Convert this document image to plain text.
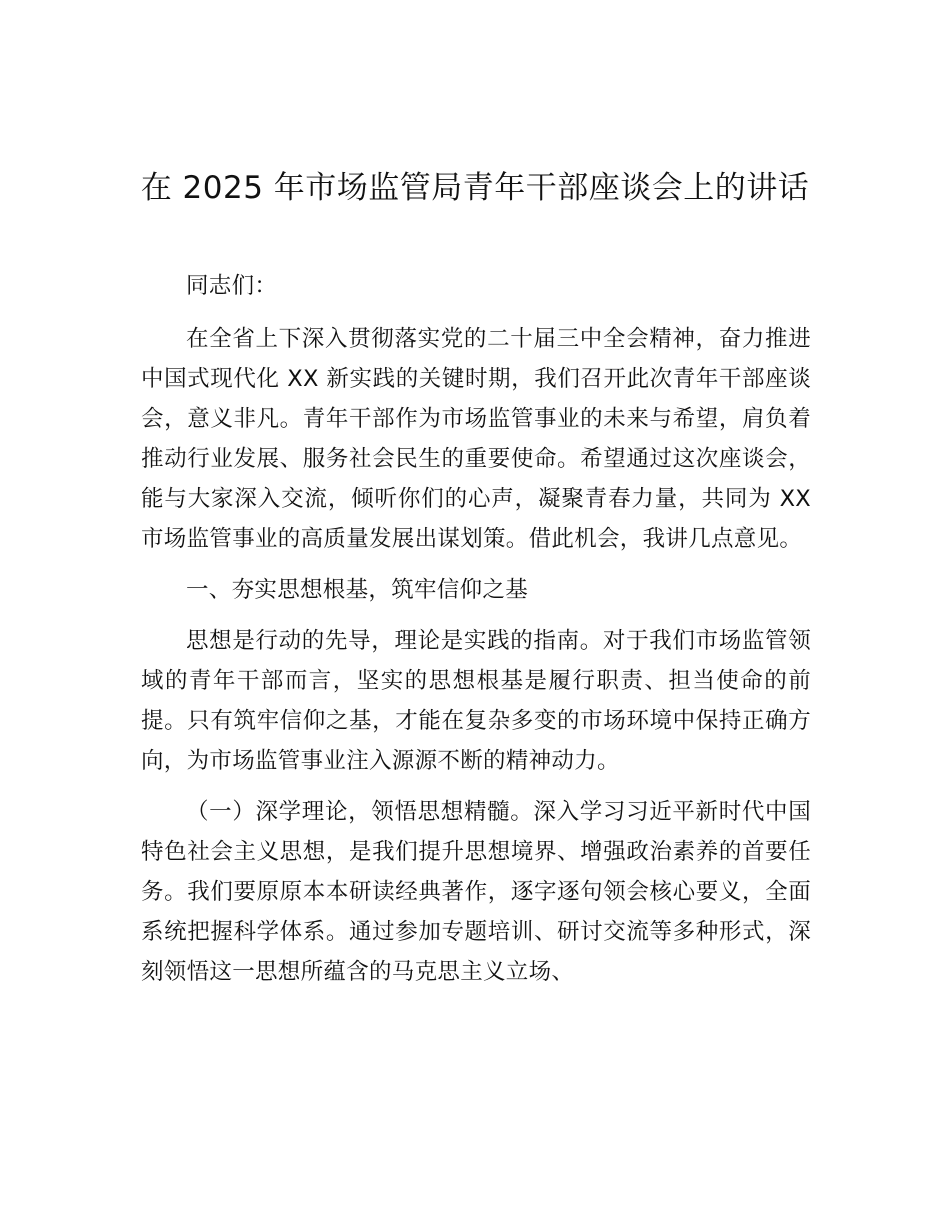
在 2025 年市场监管局青年干部座谈会上的讲话

同志们：

在全省上下深入贯彻落实党的二十届三中全会精神，奋力推进中国式现代化 XX 新实践的关键时期，我们召开此次青年干部座谈会，意义非凡。青年干部作为市场监管事业的未来与希望，肩负着推动行业发展、服务社会民生的重要使命。希望通过这次座谈会，能与大家深入交流，倾听你们的心声，凝聚青春力量，共同为 XX 市场监管事业的高质量发展出谋划策。借此机会，我讲几点意见。

一、夯实思想根基，筑牢信仰之基

思想是行动的先导，理论是实践的指南。对于我们市场监管领域的青年干部而言，坚实的思想根基是履行职责、担当使命的前提。只有筑牢信仰之基，才能在复杂多变的市场环境中保持正确方向，为市场监管事业注入源源不断的精神动力。

（一）深学理论，领悟思想精髓。深入学习习近平新时代中国特色社会主义思想，是我们提升思想境界、增强政治素养的首要任务。我们要原原本本研读经典著作，逐字逐句领会核心要义，全面系统把握科学体系。通过参加专题培训、研讨交流等多种形式，深刻领悟这一思想所蕴含的马克思主义立场、
